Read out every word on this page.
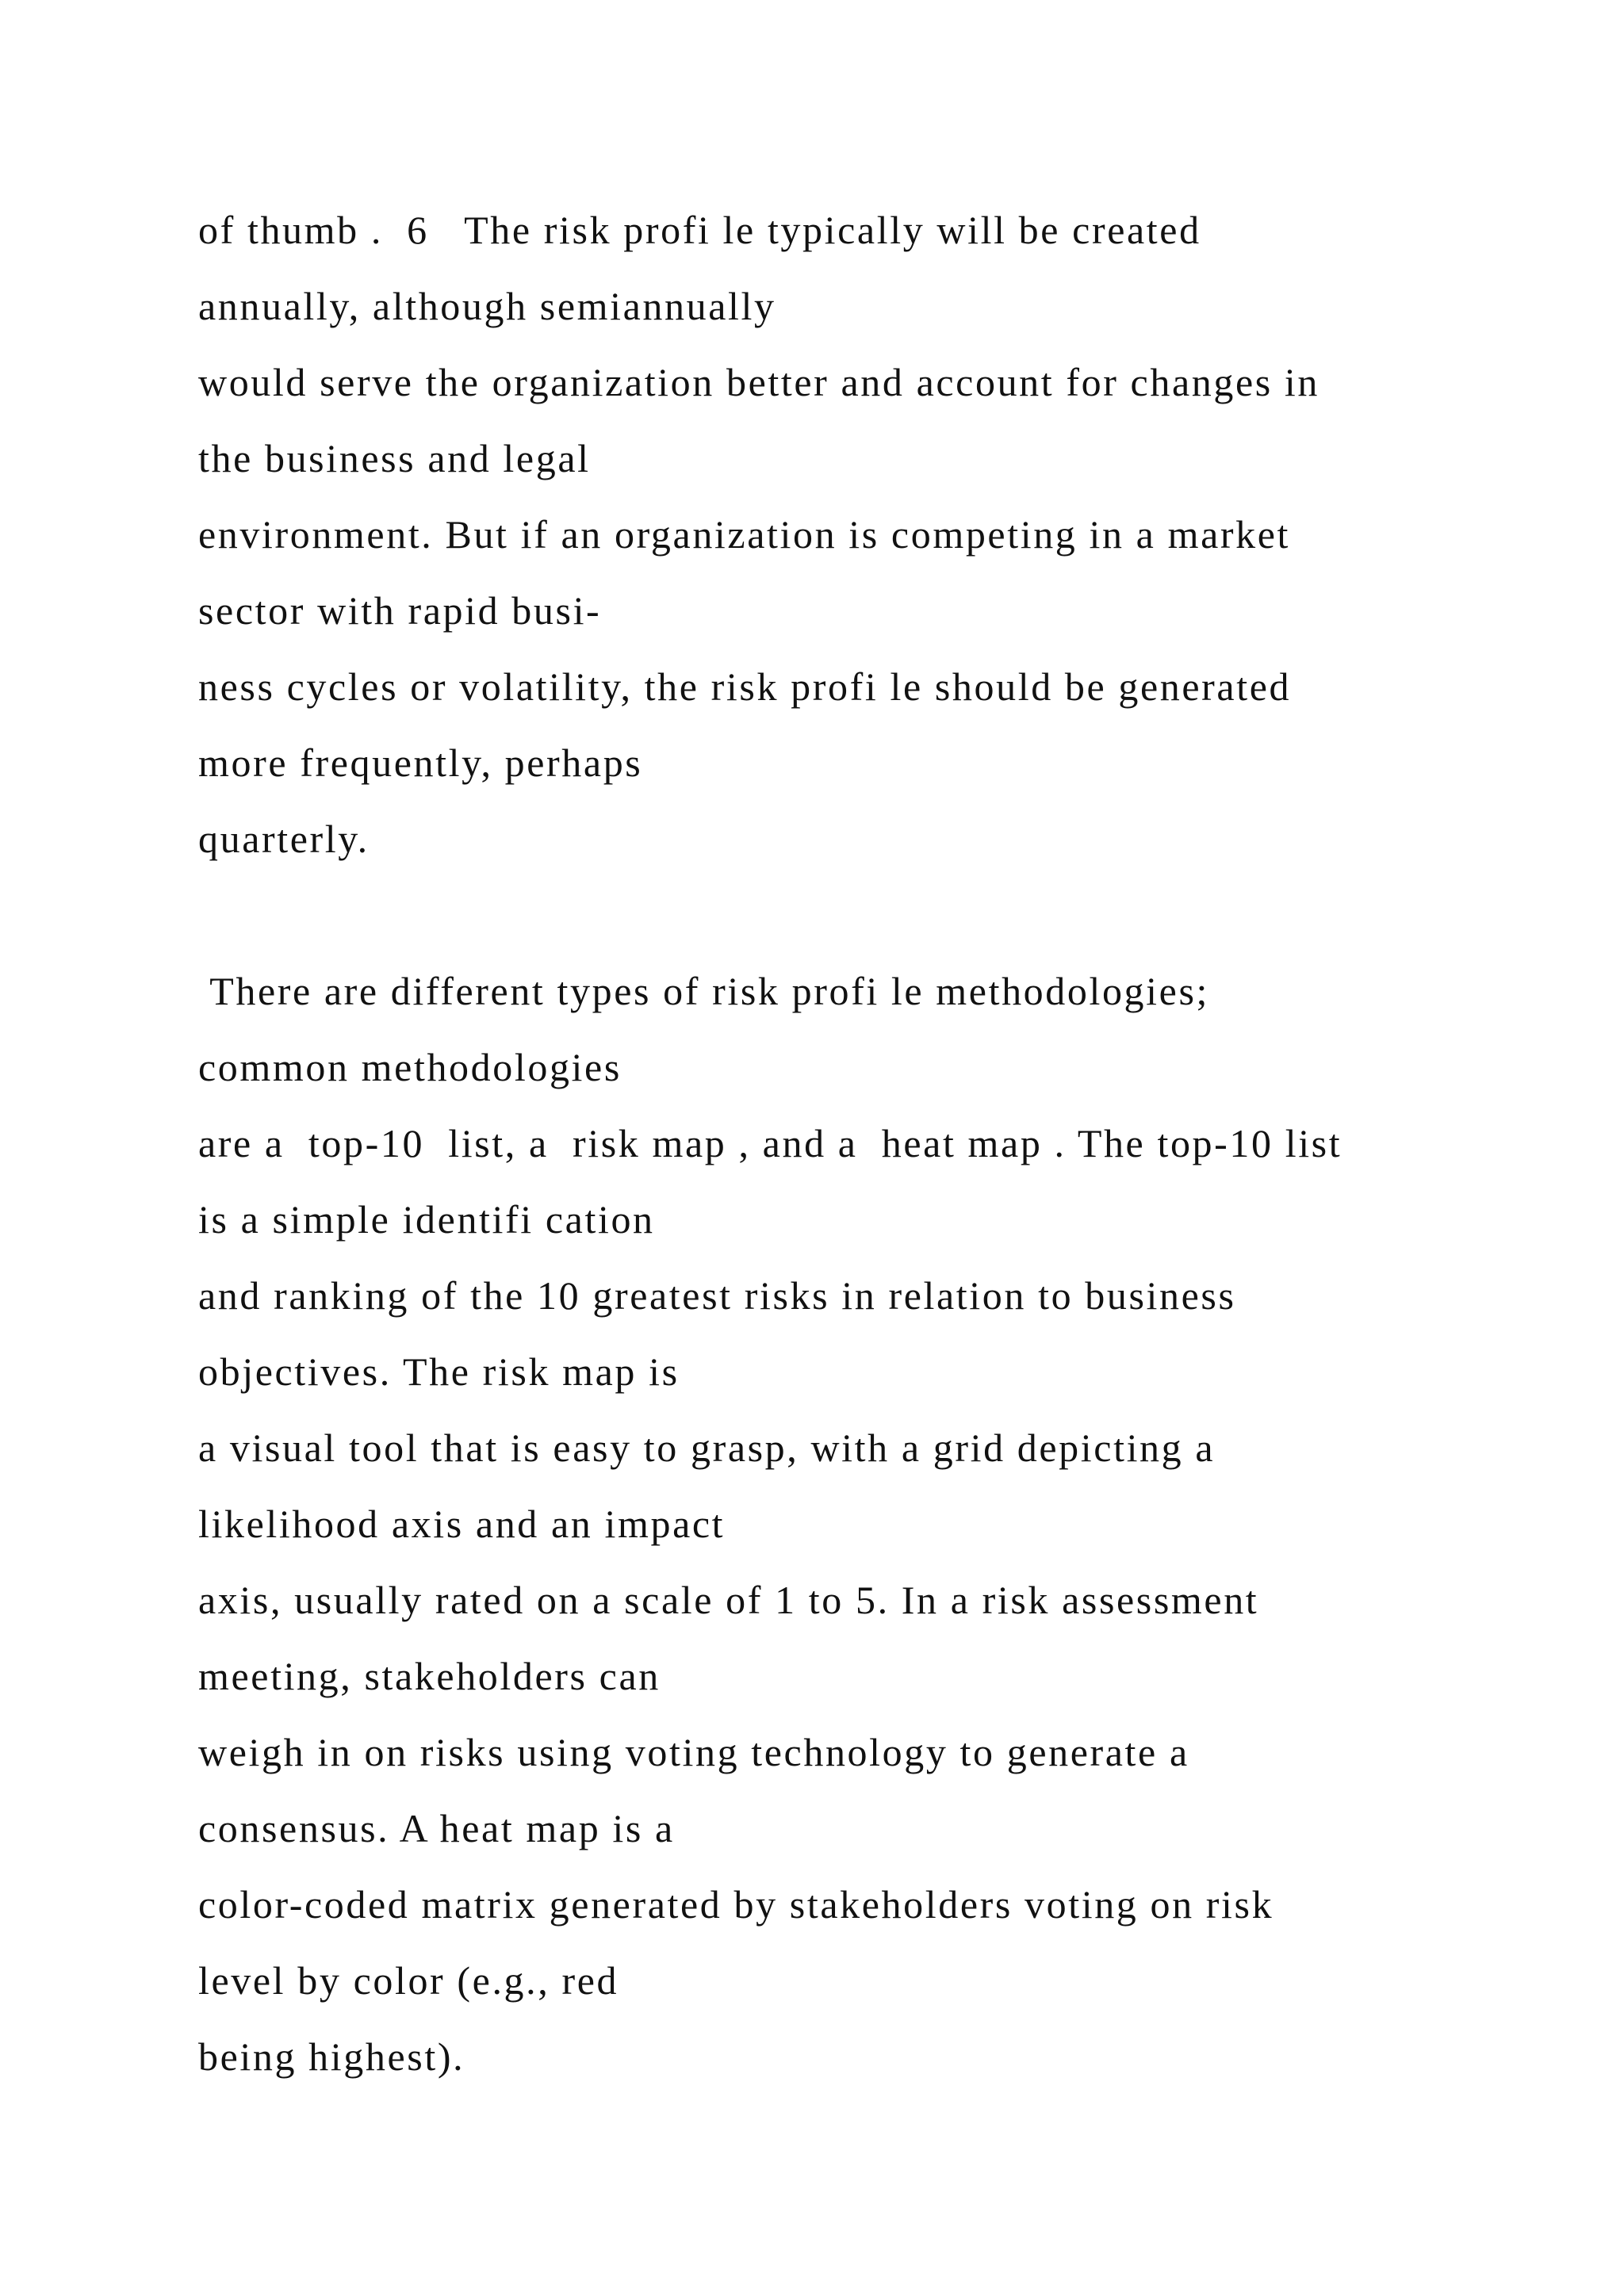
of thumb .  6   The risk profi le typically will be created
annually, although semiannually
would serve the organization better and account for changes in
the business and legal
environment. But if an organization is competing in a market
sector with rapid busi-
ness cycles or volatility, the risk profi le should be generated
more frequently, perhaps
quarterly.
There are different types of risk profi le methodologies;
common methodologies
are a  top-10  list, a  risk map , and a  heat map . The top-10 list
is a simple identifi cation
and ranking of the 10 greatest risks in relation to business
objectives. The risk map is
a visual tool that is easy to grasp, with a grid depicting a
likelihood axis and an impact
axis, usually rated on a scale of 1 to 5. In a risk assessment
meeting, stakeholders can
weigh in on risks using voting technology to generate a
consensus. A heat map is a
color-coded matrix generated by stakeholders voting on risk
level by color (e.g., red
being highest).
